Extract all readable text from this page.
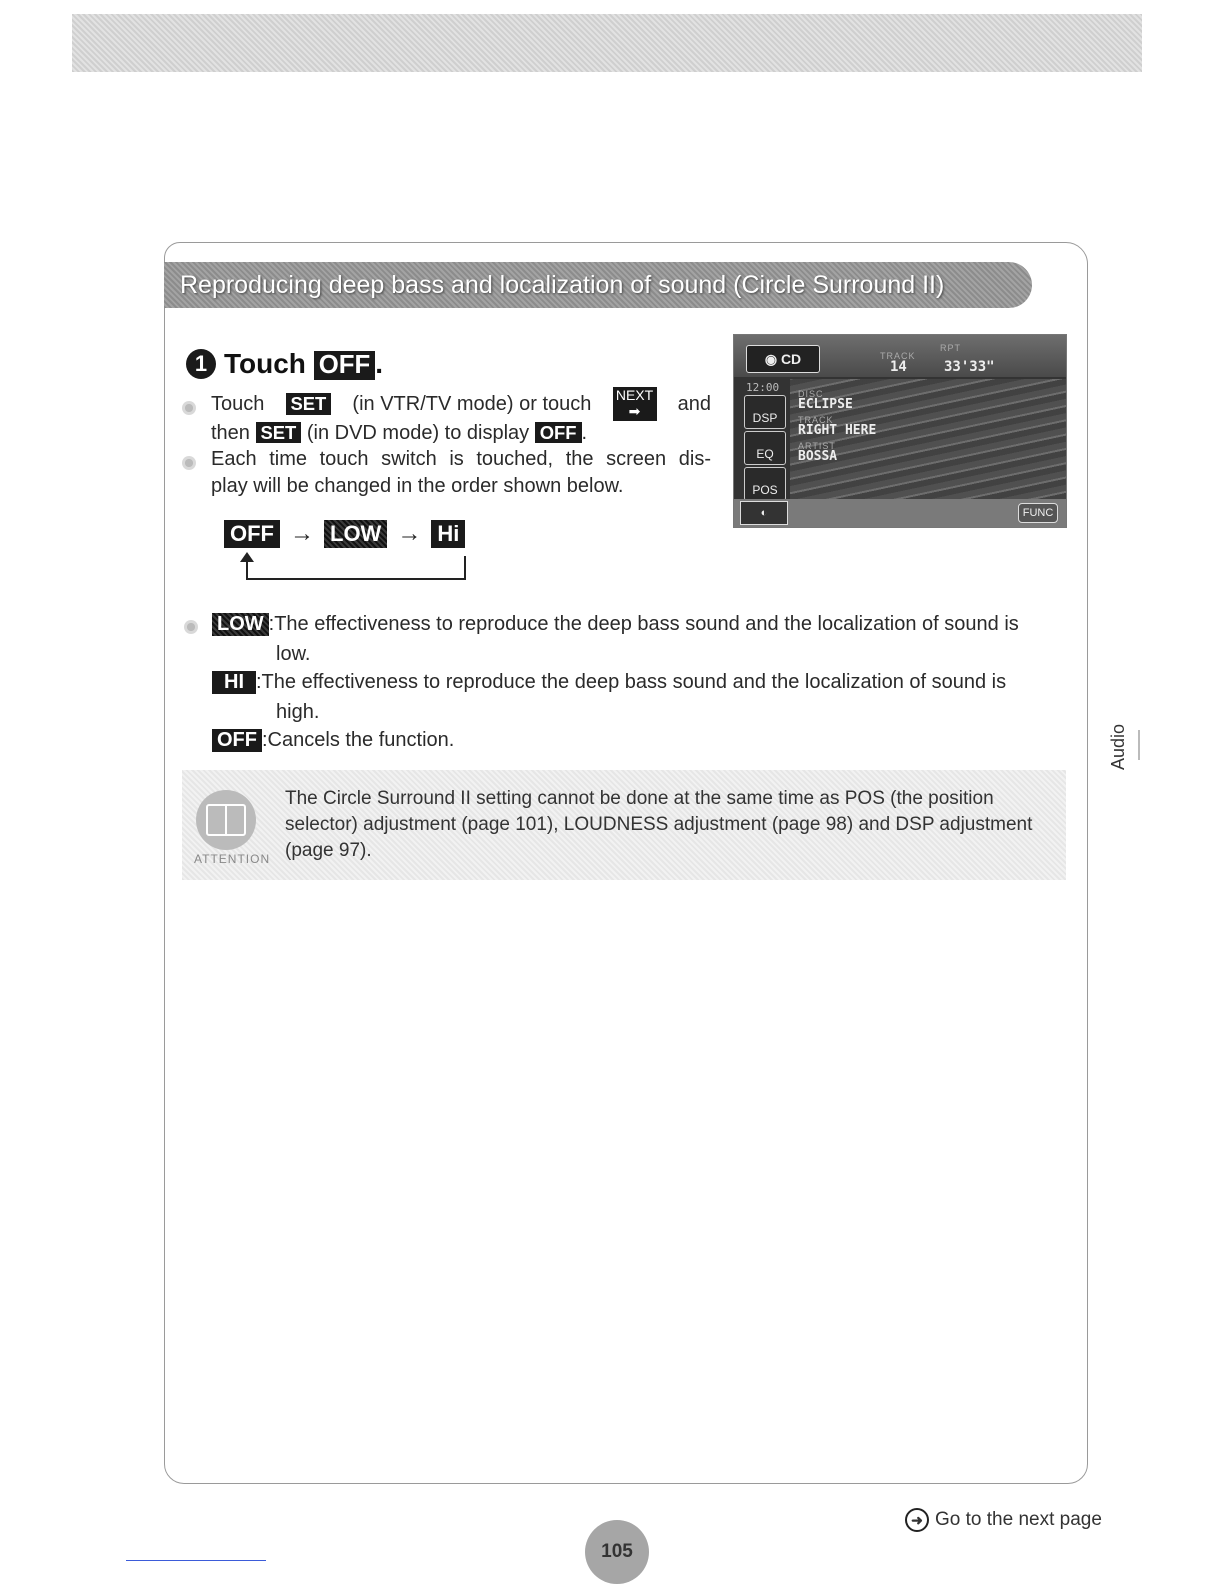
Reproducing deep bass and localization of sound (Circle Surround II)
1 Touch OFF .
Touch SET (in VTR/TV mode) or touch NEXT
➡	and
then SET (in DVD mode) to display OFF .
Each time touch switch is touched, the screen dis-
play will be changed in the order shown below.
OFF → LOW → Hi
◉ CD	TRACK
14
RPT
33'33"
12:00
DSP
EQ
POS
DISC
ECLIPSE
TRACK
RIGHT HERE
ARTIST
BOSSA
◐	FUNC
LOW :The effectiveness to reproduce the deep bass sound and the localization of sound is
low.
HI :The effectiveness to reproduce the deep bass sound and the localization of sound is
high.
OFF :Cancels the function.
ATTENTION
The Circle Surround II setting cannot be done at the same time as POS (the position selector) adjustment (page 101), LOUDNESS adjustment (page 98) and DSP adjustment (page 97).
Audio
➜ Go to the next page
105
